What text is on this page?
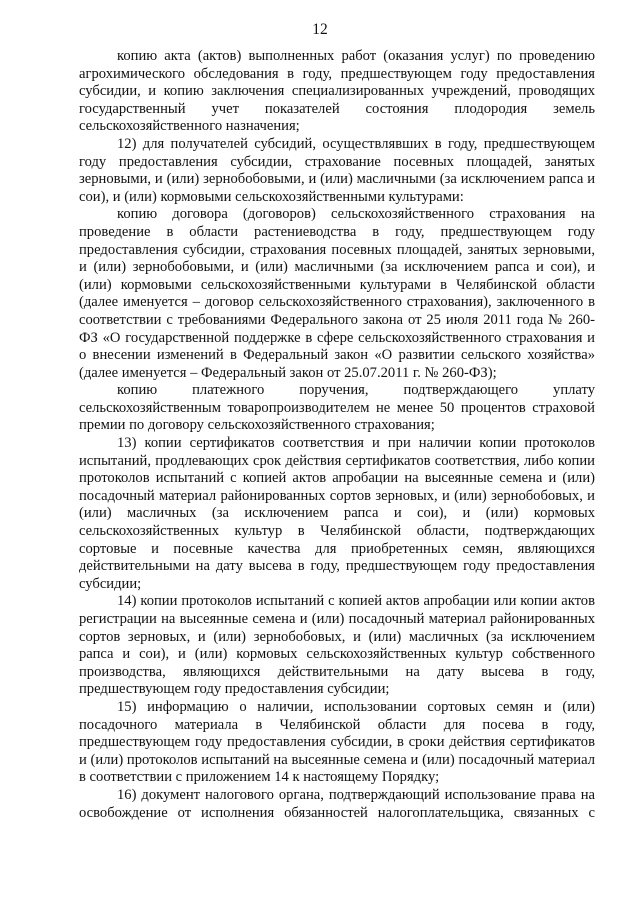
12

копию акта (актов) выполненных работ (оказания услуг) по проведению агрохимического обследования в году, предшествующем году предоставления субсидии, и копию заключения специализированных учреждений, проводящих государственный учет показателей состояния плодородия земель сельскохозяйственного назначения;

12) для получателей субсидий, осуществлявших в году, предшествующем году предоставления субсидии, страхование посевных площадей, занятых зерновыми, и (или) зернобобовыми, и (или) масличными (за исключением рапса и сои), и (или) кормовыми сельскохозяйственными культурами:

копию договора (договоров) сельскохозяйственного страхования на проведение в области растениеводства в году, предшествующем году предоставления субсидии, страхования посевных площадей, занятых зерновыми, и (или) зернобобовыми, и (или) масличными (за исключением рапса и сои), и (или) кормовыми сельскохозяйственными культурами в Челябинской области (далее именуется – договор сельскохозяйственного страхования), заключенного в соответствии с требованиями Федерального закона от 25 июля 2011 года № 260-ФЗ «О государственной поддержке в сфере сельскохозяйственного страхования и о внесении изменений в Федеральный закон «О развитии сельского хозяйства» (далее именуется – Федеральный закон от 25.07.2011 г. № 260-ФЗ);

копию платежного поручения, подтверждающего уплату сельскохозяйственным товаропроизводителем не менее 50 процентов страховой премии по договору сельскохозяйственного страхования;

13) копии сертификатов соответствия и при наличии копии протоколов испытаний, продлевающих срок действия сертификатов соответствия, либо копии протоколов испытаний с копией актов апробации на высеянные семена и (или) посадочный материал районированных сортов зерновых, и (или) зернобобовых, и (или) масличных (за исключением рапса и сои), и (или) кормовых сельскохозяйственных культур в Челябинской области, подтверждающих сортовые и посевные качества для приобретенных семян, являющихся действительными на дату высева в году, предшествующем году предоставления субсидии;

14) копии протоколов испытаний с копией актов апробации или копии актов регистрации на высеянные семена и (или) посадочный материал районированных сортов зерновых, и (или) зернобобовых, и (или) масличных (за исключением рапса и сои), и (или) кормовых сельскохозяйственных культур собственного производства, являющихся действительными на дату высева в году, предшествующем году предоставления субсидии;

15) информацию о наличии, использовании сортовых семян и (или) посадочного материала в Челябинской области для посева в году, предшествующем году предоставления субсидии, в сроки действия сертификатов и (или) протоколов испытаний на высеянные семена и (или) посадочный материал в соответствии с приложением 14 к настоящему Порядку;

16) документ налогового органа, подтверждающий использование права на освобождение от исполнения обязанностей налогоплательщика, связанных с
